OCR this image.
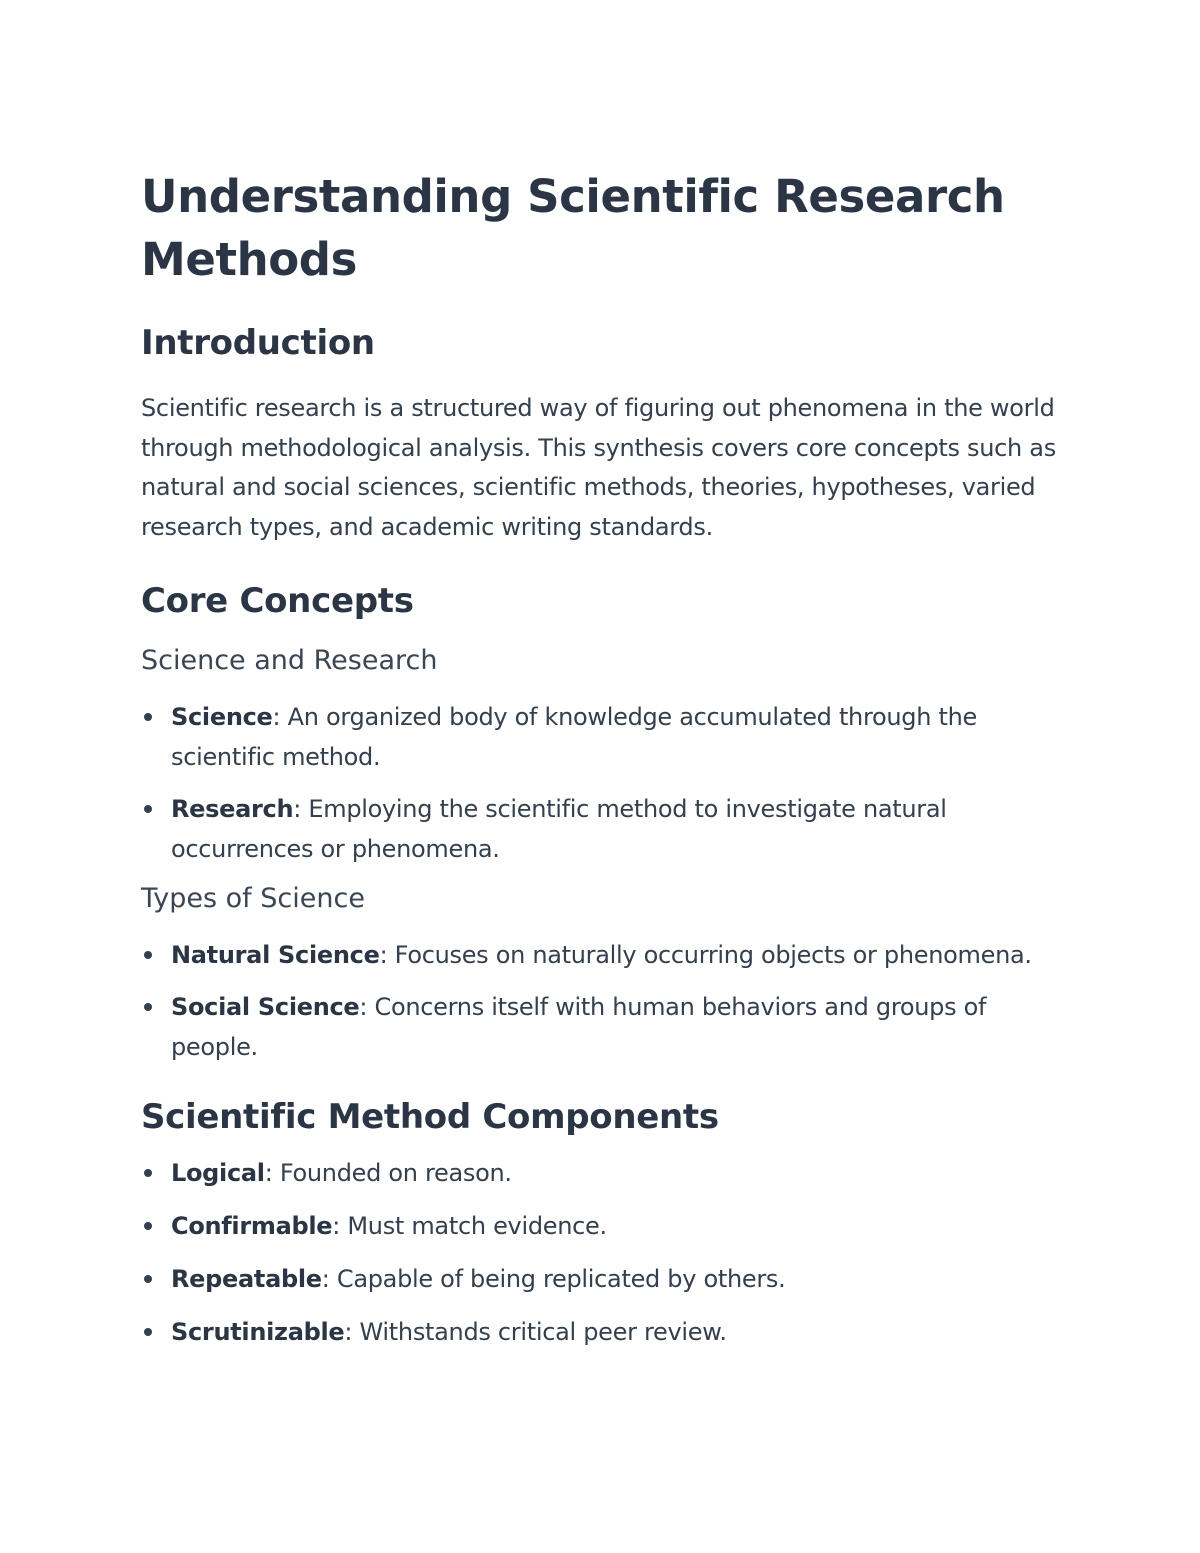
Understanding Scientific Research Methods
Introduction

Scientific research is a structured way of figuring out phenomena in the world through methodological analysis. This synthesis covers core concepts such as natural and social sciences, scientific methods, theories, hypotheses, varied research types, and academic writing standards.

Core Concepts
Science and Research
Science: An organized body of knowledge accumulated through the scientific method.
Research: Employing the scientific method to investigate natural occurrences or phenomena.
Types of Science
Natural Science: Focuses on naturally occurring objects or phenomena.
Social Science: Concerns itself with human behaviors and groups of people.
Scientific Method Components
Logical: Founded on reason.
Confirmable: Must match evidence.
Repeatable: Capable of being replicated by others.
Scrutinizable: Withstands critical peer review.
